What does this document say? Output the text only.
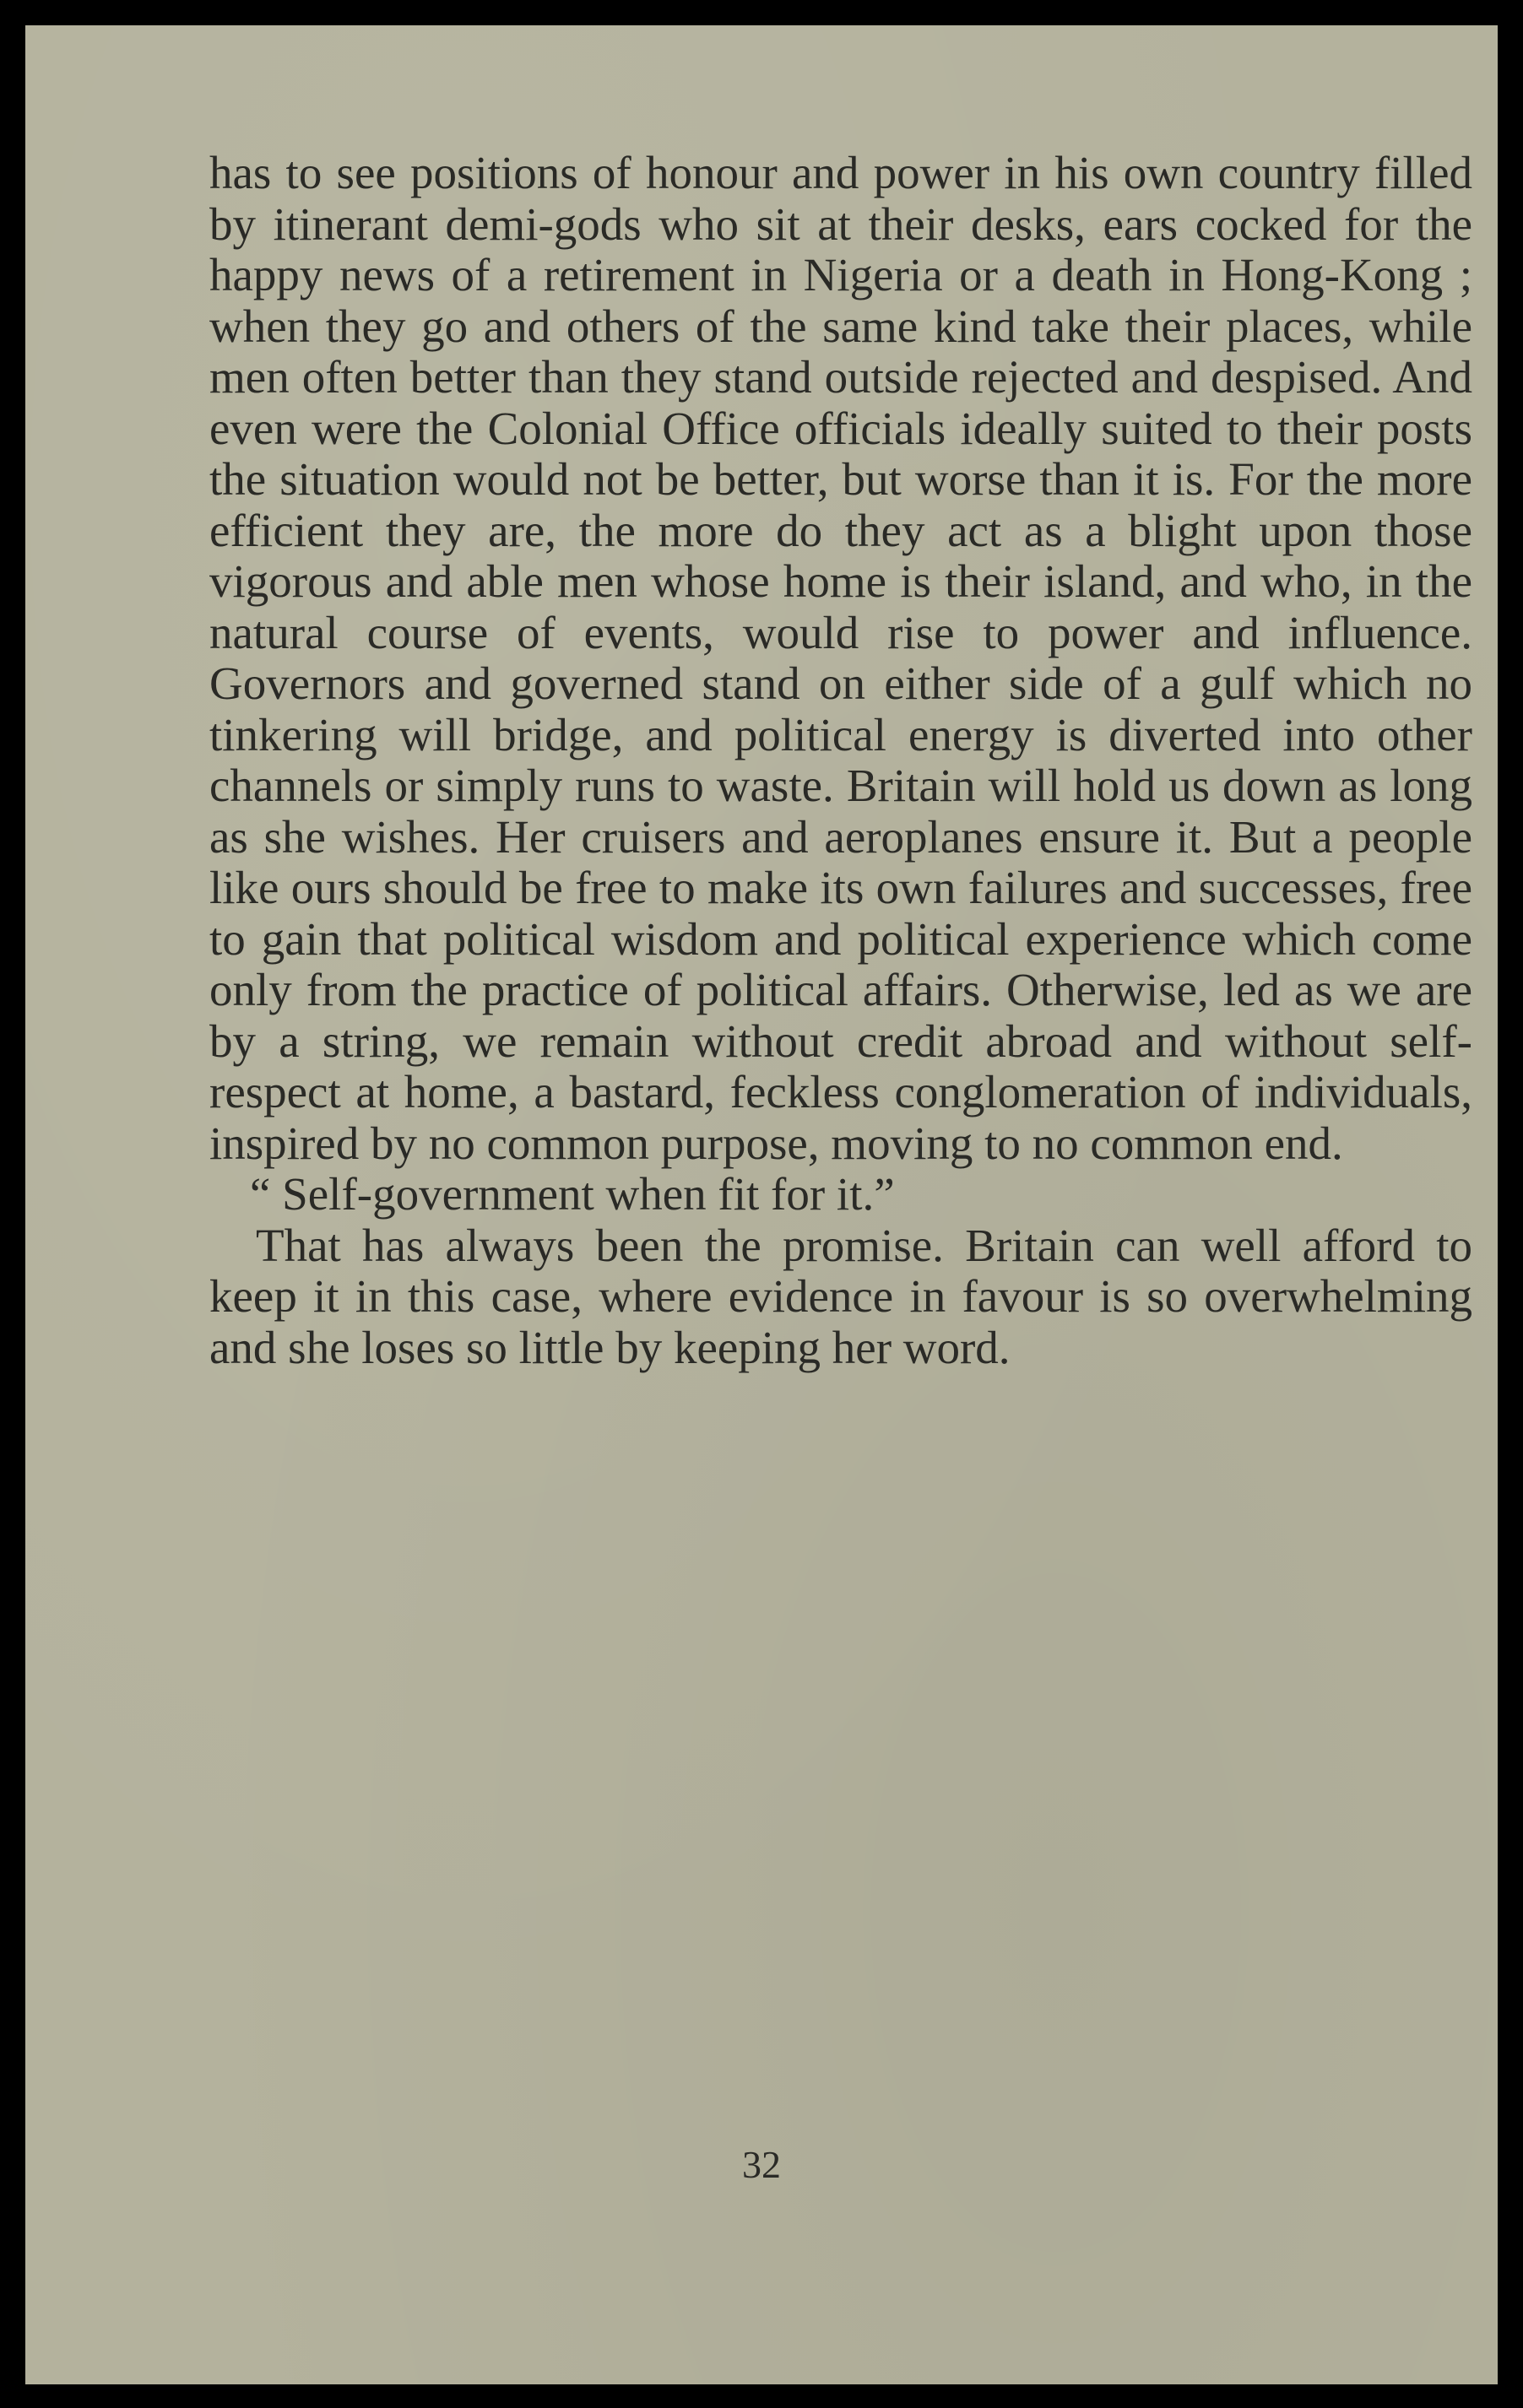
has to see positions of honour and power in his own country filled by itinerant demi-gods who sit at their desks, ears cocked for the happy news of a retirement in Nigeria or a death in Hong-Kong ; when they go and others of the same kind take their places, while men often better than they stand outside rejected and despised. And even were the Colonial Office officials ideally suited to their posts the situation would not be better, but worse than it is. For the more efficient they are, the more do they act as a blight upon those vigorous and able men whose home is their island, and who, in the natural course of events, would rise to power and influence. Governors and governed stand on either side of a gulf which no tinkering will bridge, and political energy is diverted into other channels or simply runs to waste. Britain will hold us down as long as she wishes. Her cruisers and aeroplanes ensure it. But a people like ours should be free to make its own failures and successes, free to gain that political wisdom and political experience which come only from the practice of political affairs. Otherwise, led as we are by a string, we remain without credit abroad and without self-respect at home, a bastard, feckless conglomeration of individuals, inspired by no common purpose, moving to no common end.

“ Self-government when fit for it.”

That has always been the promise. Britain can well afford to keep it in this case, where evidence in favour is so overwhelming and she loses so little by keeping her word.

32
